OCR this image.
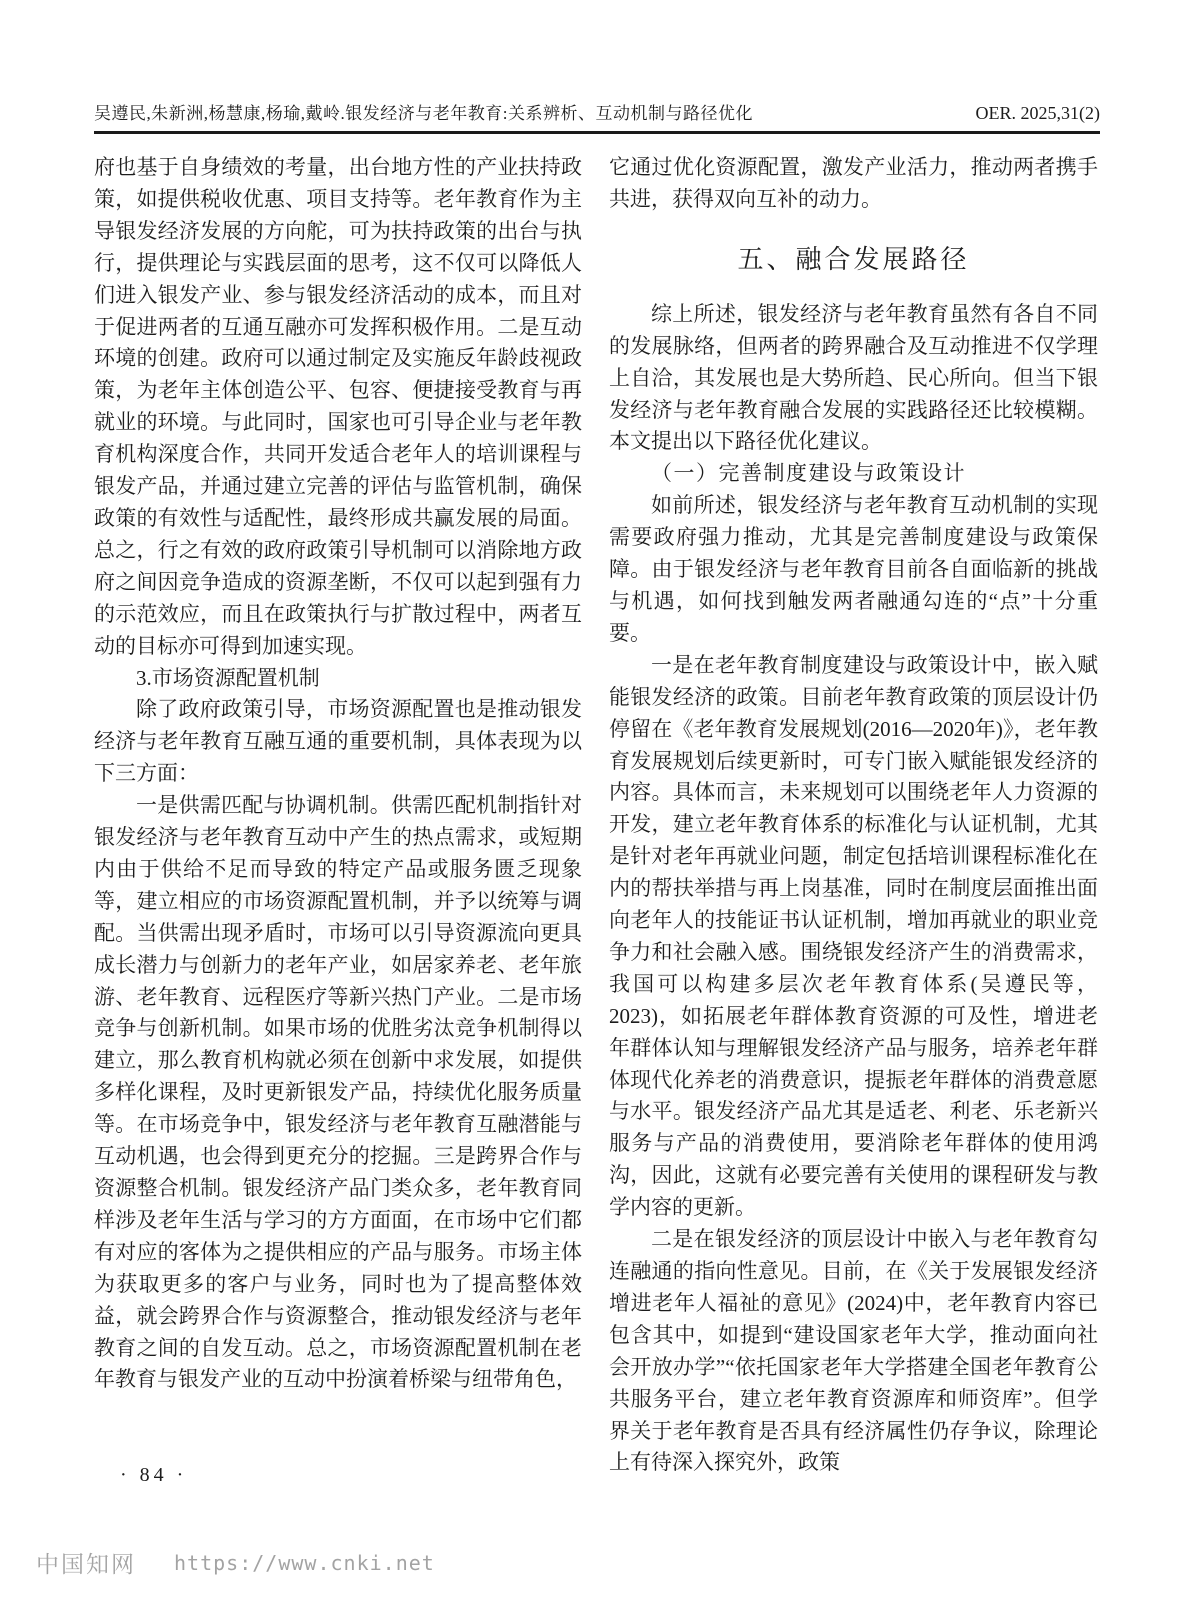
吴遵民,朱新洲,杨慧康,杨瑜,戴岭.银发经济与老年教育:关系辨析、互动机制与路径优化	OER. 2025,31(2)

府也基于自身绩效的考量，出台地方性的产业扶持政策，如提供税收优惠、项目支持等。老年教育作为主导银发经济发展的方向舵，可为扶持政策的出台与执行，提供理论与实践层面的思考，这不仅可以降低人们进入银发产业、参与银发经济活动的成本，而且对于促进两者的互通互融亦可发挥积极作用。二是互动环境的创建。政府可以通过制定及实施反年龄歧视政策，为老年主体创造公平、包容、便捷接受教育与再就业的环境。与此同时，国家也可引导企业与老年教育机构深度合作，共同开发适合老年人的培训课程与银发产品，并通过建立完善的评估与监管机制，确保政策的有效性与适配性，最终形成共赢发展的局面。总之，行之有效的政府政策引导机制可以消除地方政府之间因竞争造成的资源垄断，不仅可以起到强有力的示范效应，而且在政策执行与扩散过程中，两者互动的目标亦可得到加速实现。

3.市场资源配置机制

除了政府政策引导，市场资源配置也是推动银发经济与老年教育互融互通的重要机制，具体表现为以下三方面：

一是供需匹配与协调机制。供需匹配机制指针对银发经济与老年教育互动中产生的热点需求，或短期内由于供给不足而导致的特定产品或服务匮乏现象等，建立相应的市场资源配置机制，并予以统筹与调配。当供需出现矛盾时，市场可以引导资源流向更具成长潜力与创新力的老年产业，如居家养老、老年旅游、老年教育、远程医疗等新兴热门产业。二是市场竞争与创新机制。如果市场的优胜劣汰竞争机制得以建立，那么教育机构就必须在创新中求发展，如提供多样化课程，及时更新银发产品，持续优化服务质量等。在市场竞争中，银发经济与老年教育互融潜能与互动机遇，也会得到更充分的挖掘。三是跨界合作与资源整合机制。银发经济产品门类众多，老年教育同样涉及老年生活与学习的方方面面，在市场中它们都有对应的客体为之提供相应的产品与服务。市场主体为获取更多的客户与业务，同时也为了提高整体效益，就会跨界合作与资源整合，推动银发经济与老年教育之间的自发互动。总之，市场资源配置机制在老年教育与银发产业的互动中扮演着桥梁与纽带角色，

它通过优化资源配置，激发产业活力，推动两者携手共进，获得双向互补的动力。

五、融合发展路径

综上所述，银发经济与老年教育虽然有各自不同的发展脉络，但两者的跨界融合及互动推进不仅学理上自洽，其发展也是大势所趋、民心所向。但当下银发经济与老年教育融合发展的实践路径还比较模糊。本文提出以下路径优化建议。

（一）完善制度建设与政策设计

如前所述，银发经济与老年教育互动机制的实现需要政府强力推动，尤其是完善制度建设与政策保障。由于银发经济与老年教育目前各自面临新的挑战与机遇，如何找到触发两者融通勾连的“点”十分重要。

一是在老年教育制度建设与政策设计中，嵌入赋能银发经济的政策。目前老年教育政策的顶层设计仍停留在《老年教育发展规划(2016—2020年)》，老年教育发展规划后续更新时，可专门嵌入赋能银发经济的内容。具体而言，未来规划可以围绕老年人力资源的开发，建立老年教育体系的标准化与认证机制，尤其是针对老年再就业问题，制定包括培训课程标准化在内的帮扶举措与再上岗基准，同时在制度层面推出面向老年人的技能证书认证机制，增加再就业的职业竞争力和社会融入感。围绕银发经济产生的消费需求，我国可以构建多层次老年教育体系(吴遵民等，2023)，如拓展老年群体教育资源的可及性，增进老年群体认知与理解银发经济产品与服务，培养老年群体现代化养老的消费意识，提振老年群体的消费意愿与水平。银发经济产品尤其是适老、利老、乐老新兴服务与产品的消费使用，要消除老年群体的使用鸿沟，因此，这就有必要完善有关使用的课程研发与教学内容的更新。

二是在银发经济的顶层设计中嵌入与老年教育勾连融通的指向性意见。目前，在《关于发展银发经济增进老年人福祉的意见》(2024)中，老年教育内容已包含其中，如提到“建设国家老年大学，推动面向社会开放办学”“依托国家老年大学搭建全国老年教育公共服务平台，建立老年教育资源库和师资库”。但学界关于老年教育是否具有经济属性仍存争议，除理论上有待深入探究外，政策

· 84 ·
中国知网 https://www.cnki.net
